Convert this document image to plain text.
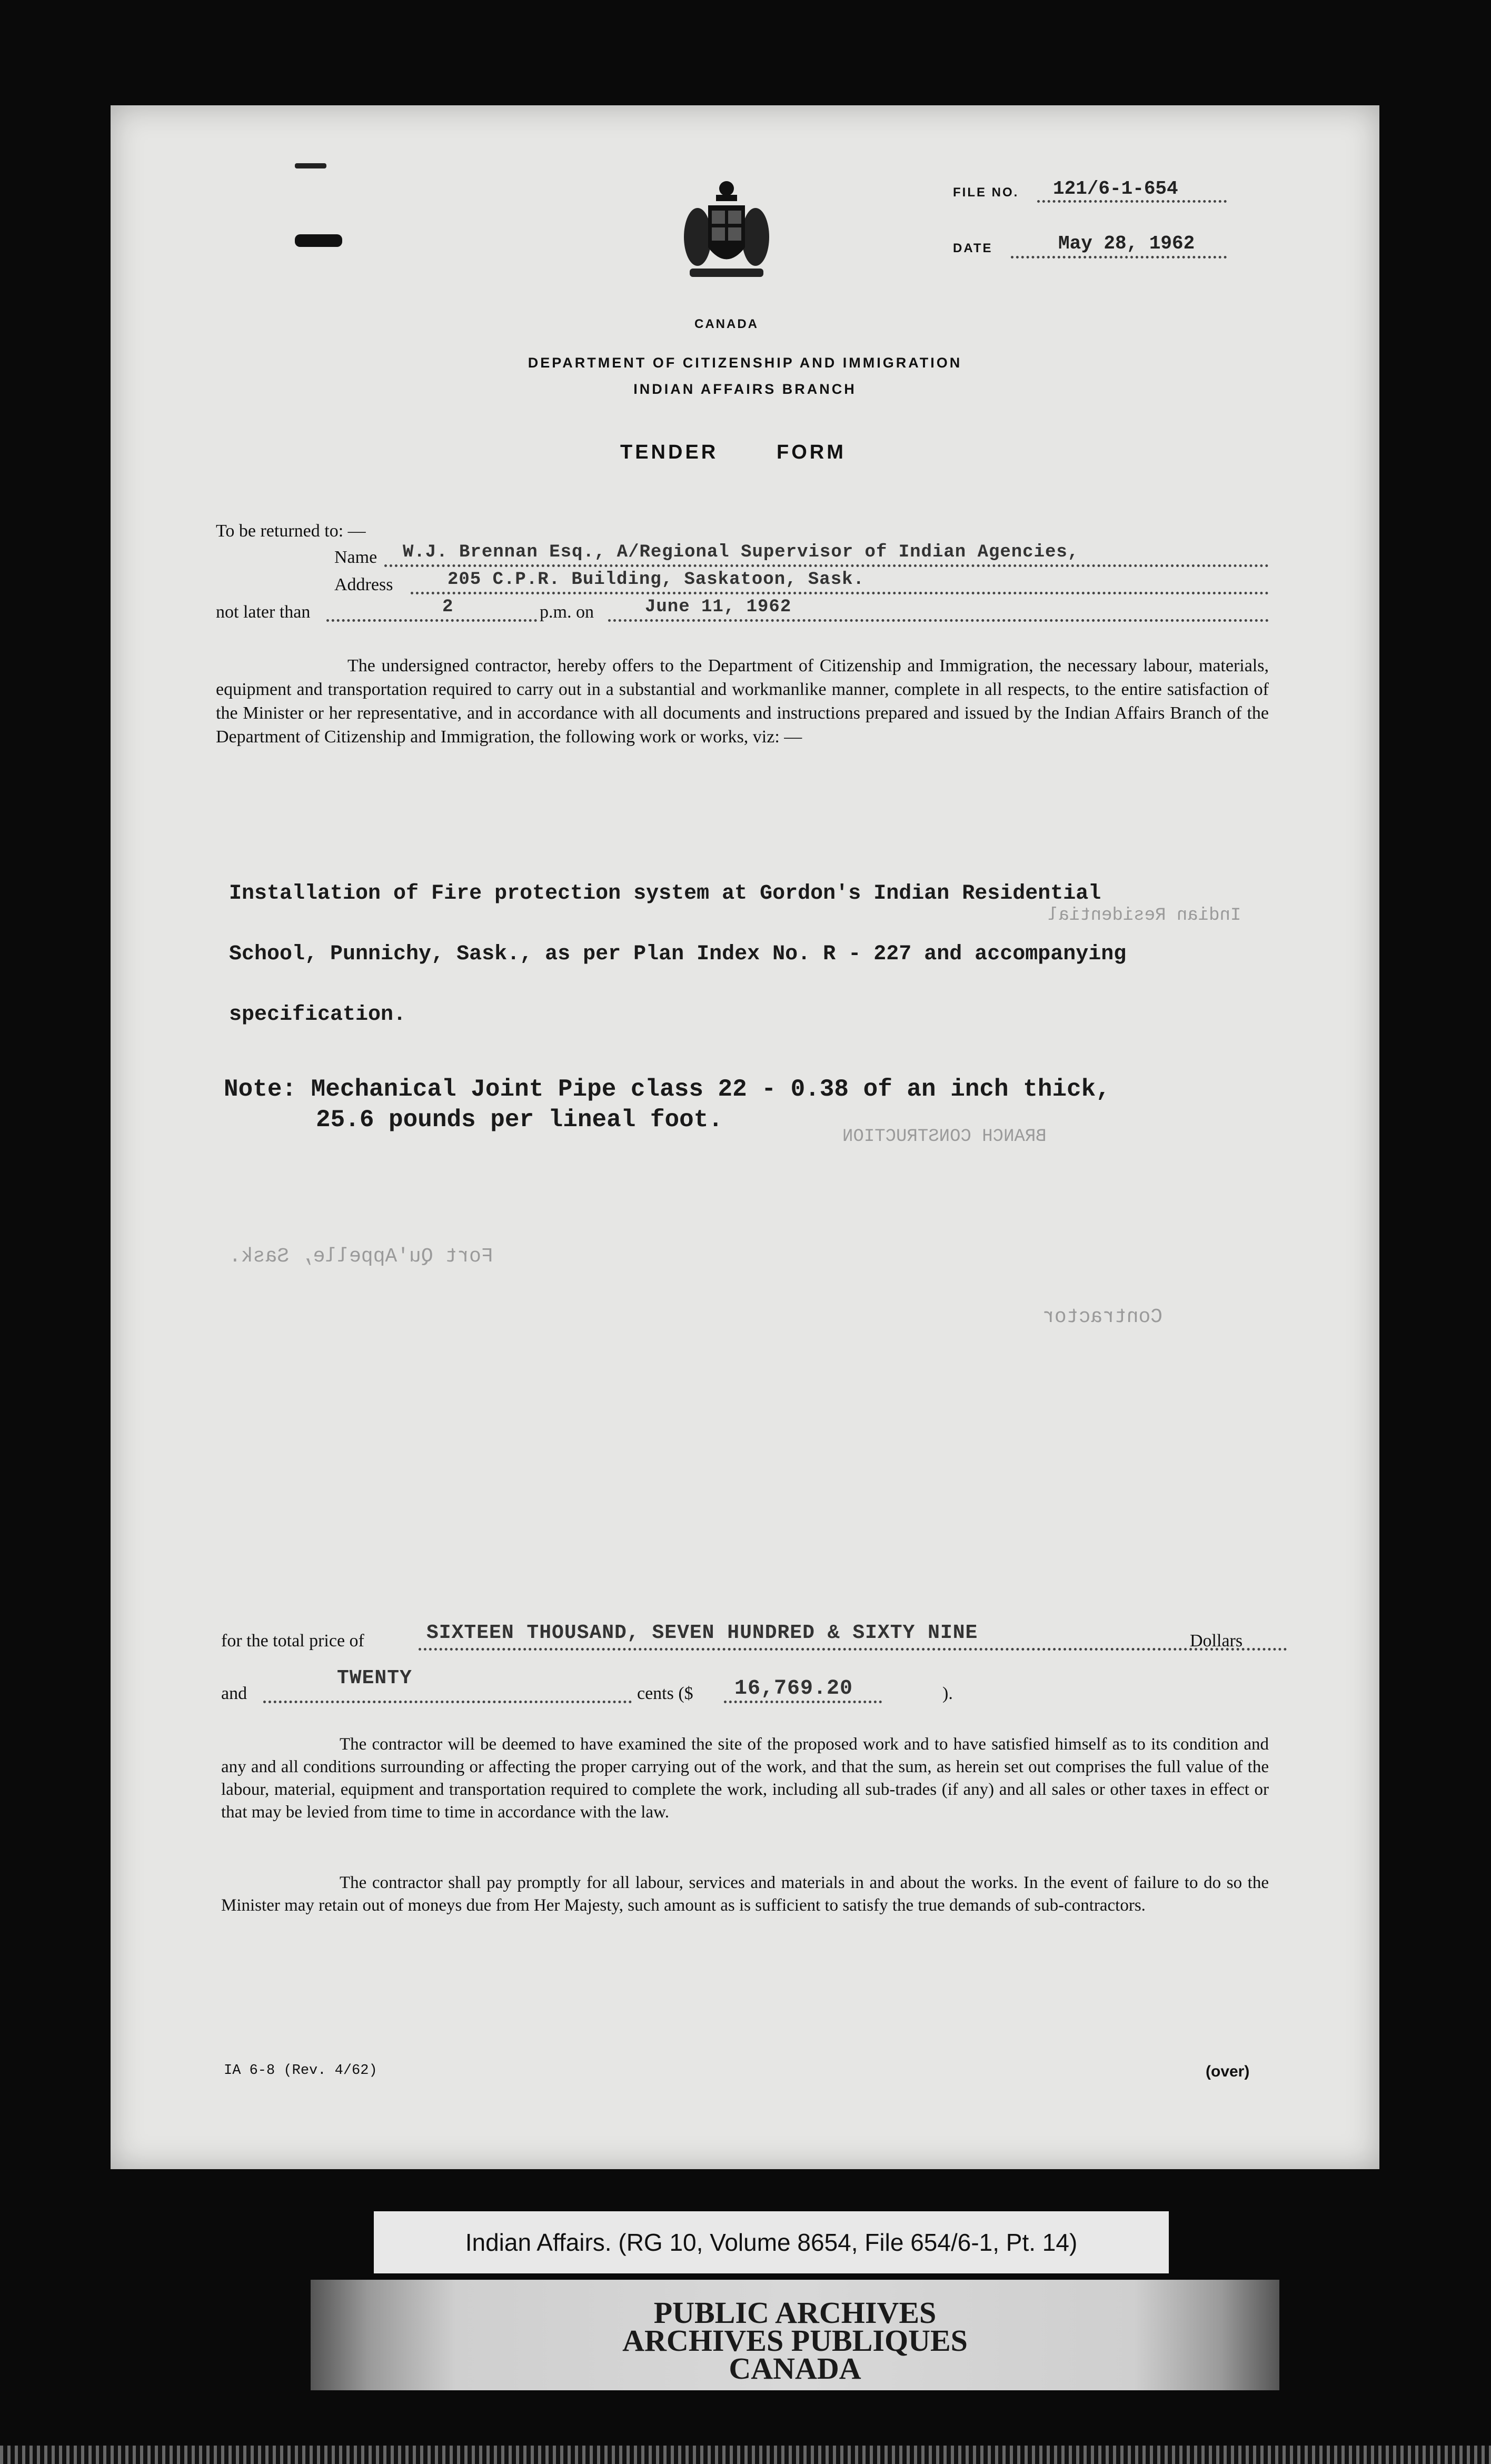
FILE NO. 121/6-1-654
DATE	May 28, 1962
CANADA
DEPARTMENT OF CITIZENSHIP AND IMMIGRATION
INDIAN AFFAIRS BRANCH
TENDER	FORM
To be returned to: —
Name W.J. Brennan Esq., A/Regional Supervisor of Indian Agencies,
Address	205 C.P.R. Building, Saskatoon, Sask.
not later than	2	p.m. on	June 11, 1962
The undersigned contractor, hereby offers to the Department of Citizenship and Immigration, the necessary labour, materials, equipment and transportation required to carry out in a substantial and workmanlike manner, complete in all respects, to the entire satisfaction of the Minister or her representative, and in accordance with all documents and instructions prepared and issued by the Indian Affairs Branch of the Department of Citizenship and Immigration, the following work or works, viz: —
Installation of Fire protection system at Gordon's Indian Residential
School, Punnichy, Sask., as per Plan Index No. R - 227 and accompanying
specification.
Note: Mechanical Joint Pipe class 22 - 0.38 of an inch thick,
25.6 pounds per lineal foot.
Indian Residential
BRANCH CONSTRUCTION
Fort Qu'Appelle, Sask.
Contractor
for the total price of	SIXTEEN THOUSAND, SEVEN HUNDRED & SIXTY NINE	Dollars
and
TWENTY
cents ($ 16,769.20	).
The contractor will be deemed to have examined the site of the proposed work and to have satisfied himself as to its condition and any and all conditions surrounding or affecting the proper carrying out of the work, and that the sum, as herein set out comprises the full value of the labour, material, equipment and transportation required to complete the work, including all sub-trades (if any) and all sales or other taxes in effect or that may be levied from time to time in accordance with the law.
The contractor shall pay promptly for all labour, services and materials in and about the works. In the event of failure to do so the Minister may retain out of moneys due from Her Majesty, such amount as is sufficient to satisfy the true demands of sub-contractors.
IA 6-8 (Rev. 4/62)	(over)
Indian Affairs. (RG 10, Volume 8654, File 654/6-1, Pt. 14)
PUBLIC ARCHIVES
ARCHIVES PUBLIQUES
CANADA
